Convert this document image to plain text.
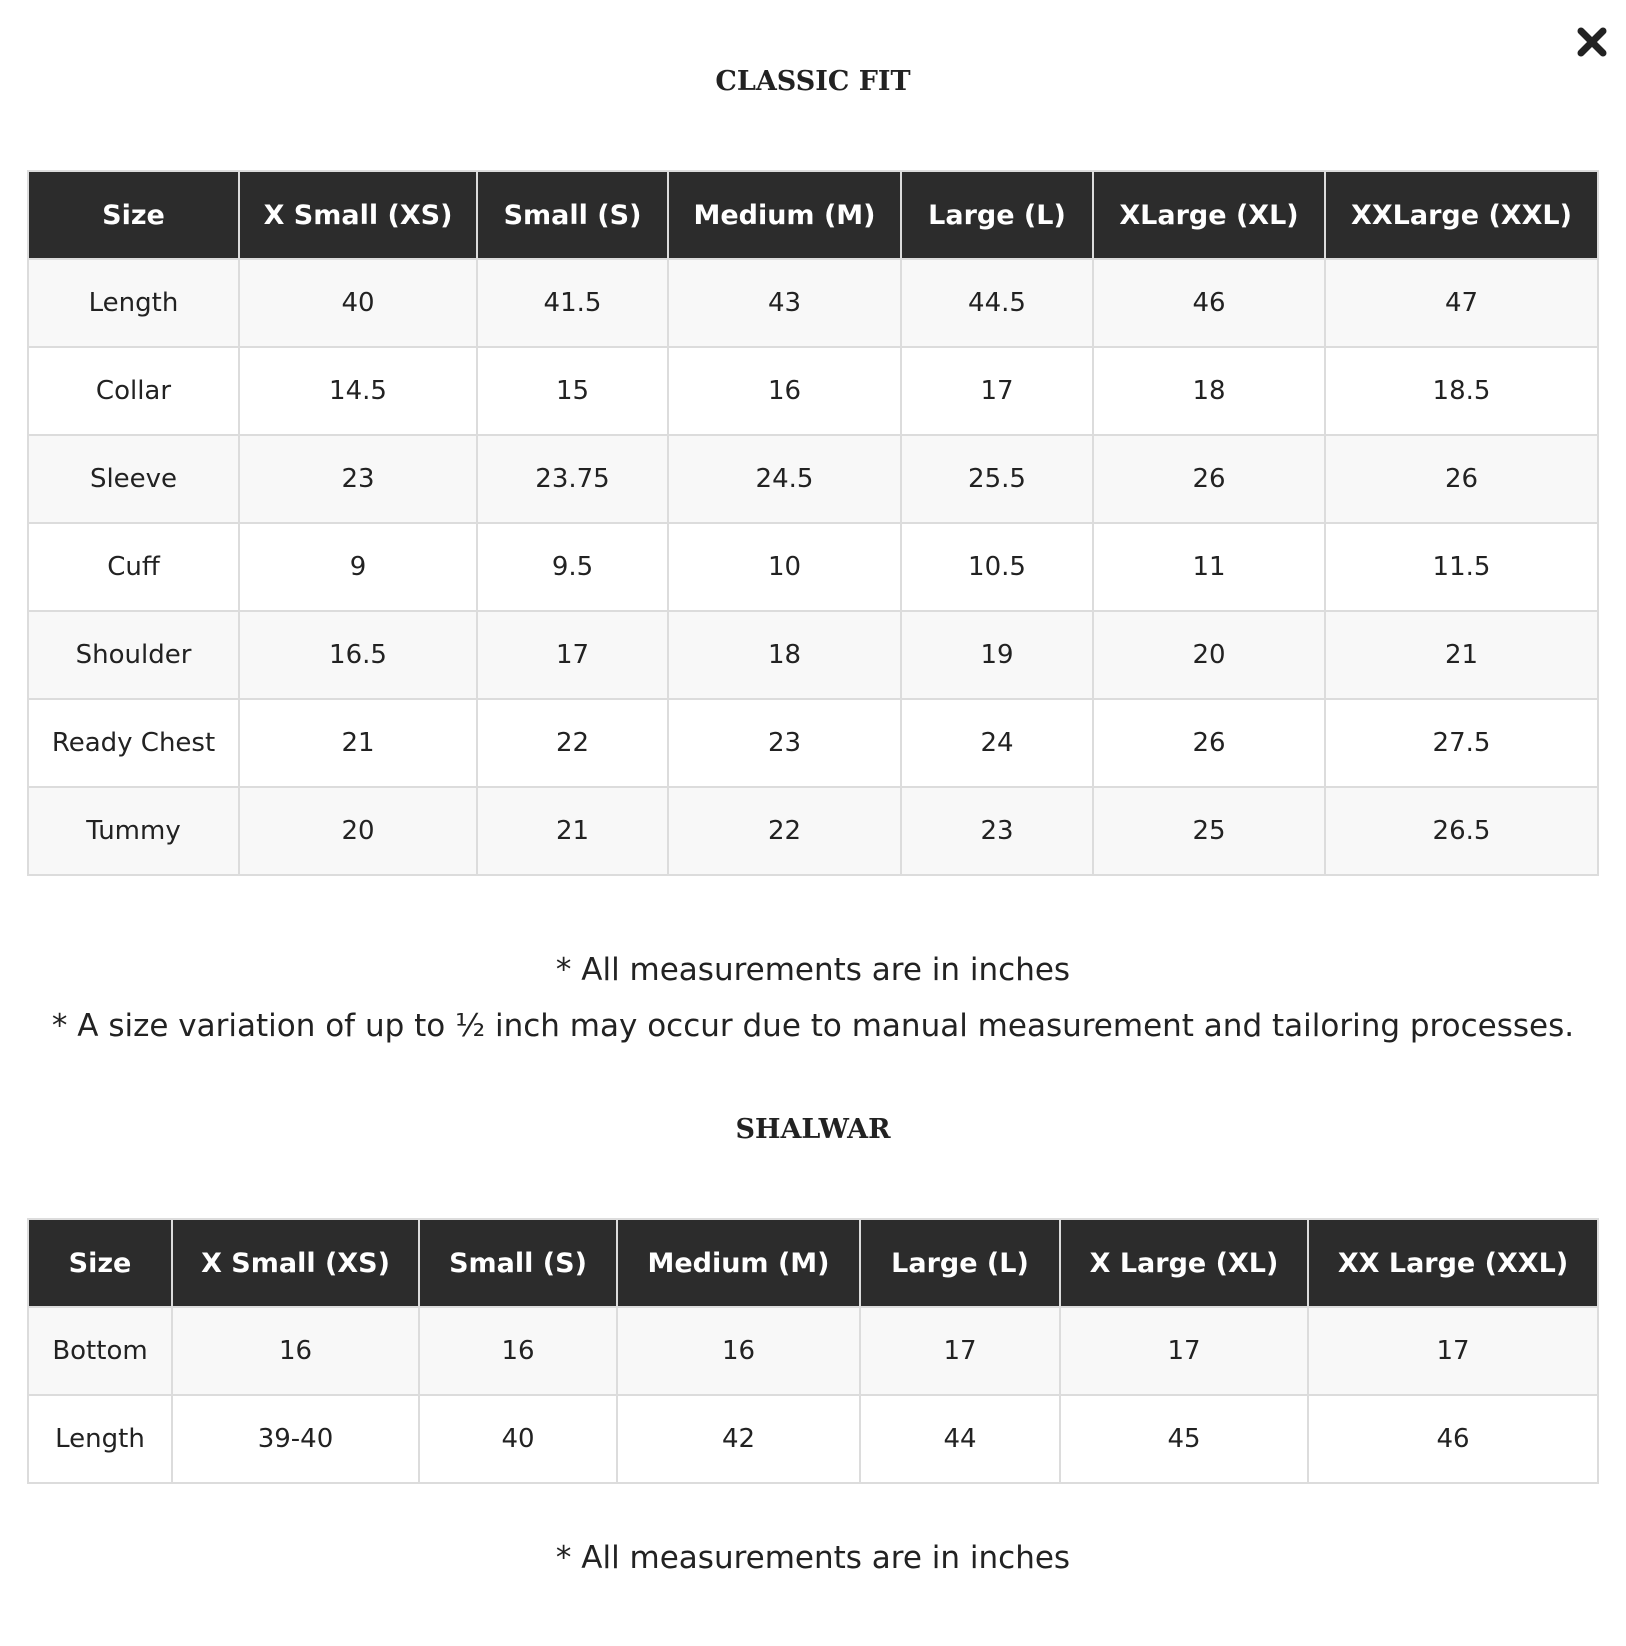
CLASSIC FIT
Size	X Small (XS)	Small (S)	Medium (M)	Large (L)	XLarge (XL)	XXLarge (XXL)
Length	40	41.5	43	44.5	46	47
Collar	14.5	15	16	17	18	18.5
Sleeve	23	23.75	24.5	25.5	26	26
Cuff	9	9.5	10	10.5	11	11.5
Shoulder	16.5	17	18	19	20	21
Ready Chest	21	22	23	24	26	27.5
Tummy	20	21	22	23	25	26.5

* All measurements are in inches

* A size variation of up to ½ inch may occur due to manual measurement and tailoring processes.

SHALWAR
Size	X Small (XS)	Small (S)	Medium (M)	Large (L)	X Large (XL)	XX Large (XXL)
Bottom	16	16	16	17	17	17
Length	39-40	40	42	44	45	46

* All measurements are in inches
